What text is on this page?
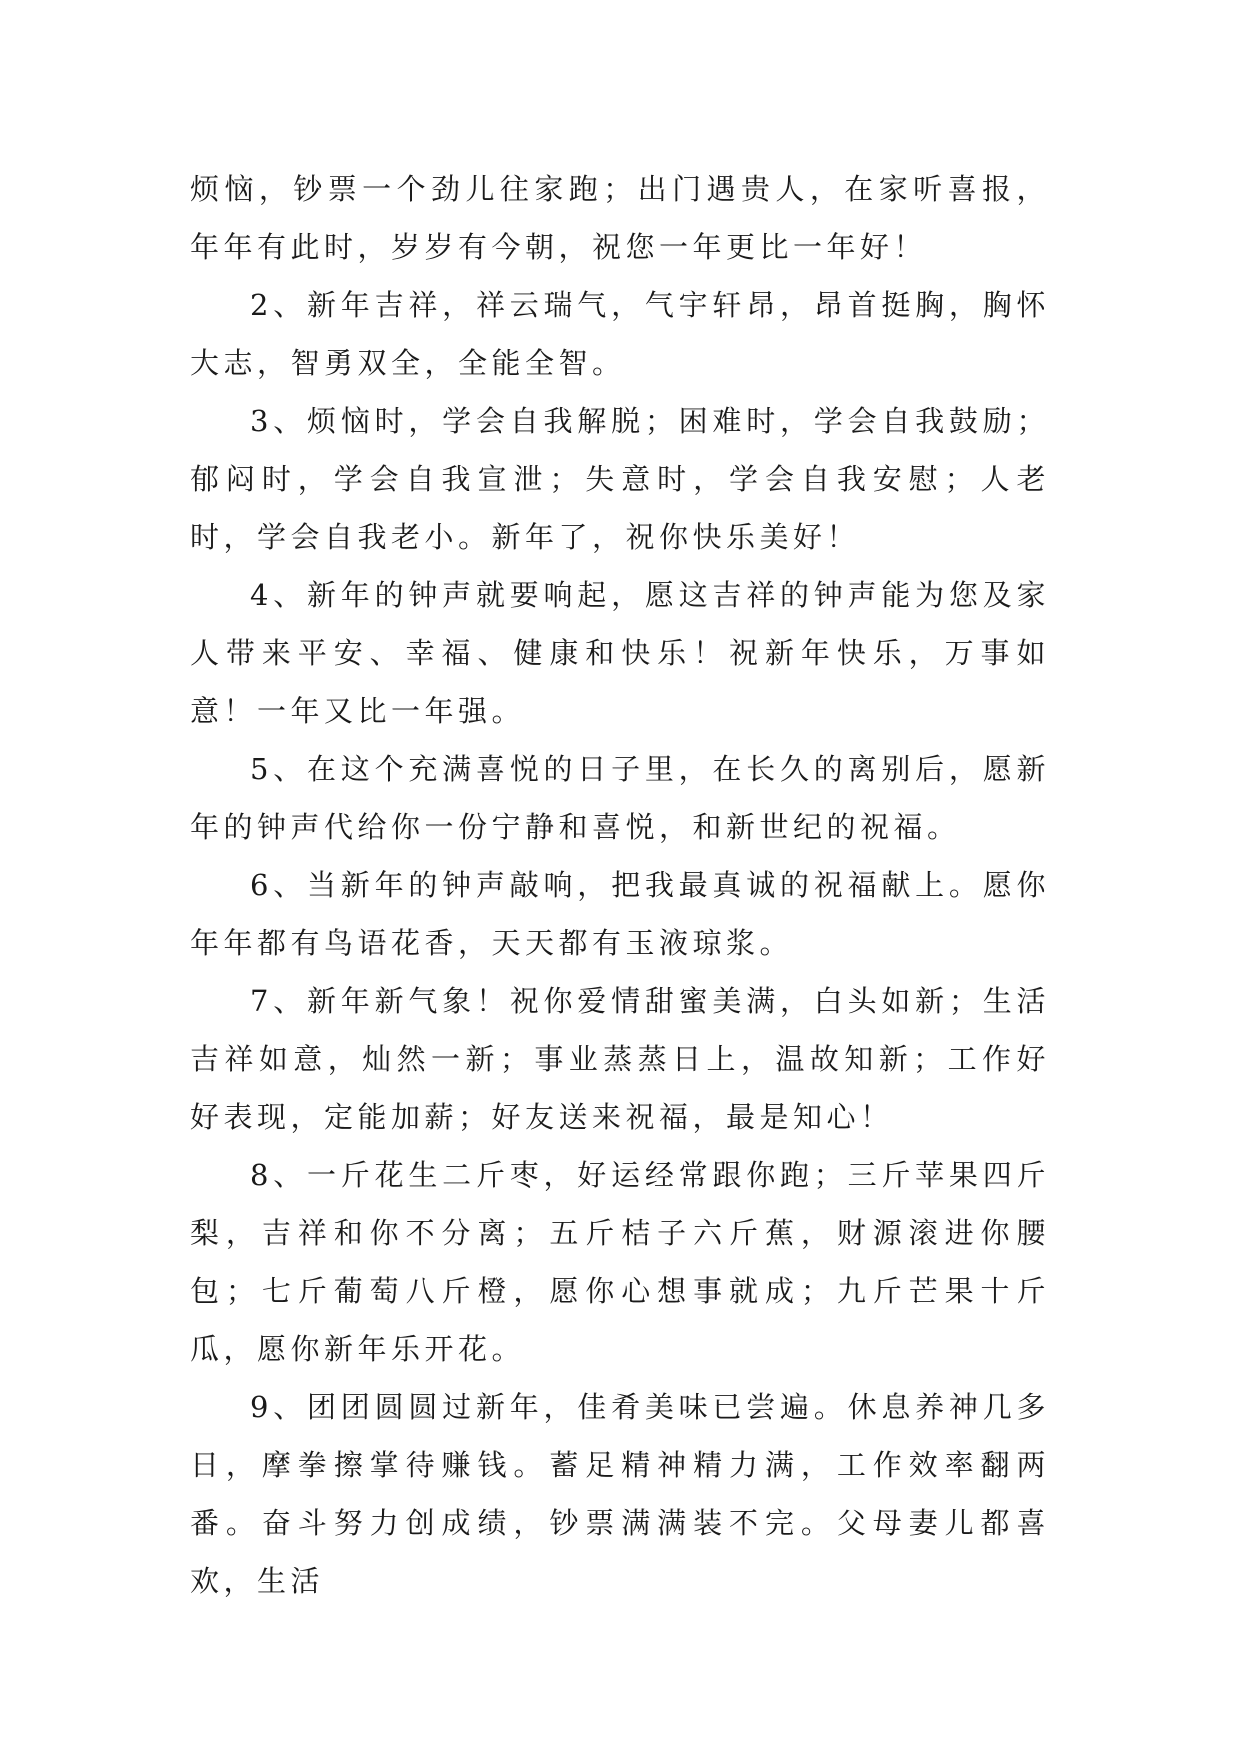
烦恼，钞票一个劲儿往家跑；出门遇贵人，在家听喜报，年年有此时，岁岁有今朝，祝您一年更比一年好！

2、新年吉祥，祥云瑞气，气宇轩昂，昂首挺胸，胸怀大志，智勇双全，全能全智。

3、烦恼时，学会自我解脱；困难时，学会自我鼓励；郁闷时，学会自我宣泄；失意时，学会自我安慰；人老时，学会自我老小。新年了，祝你快乐美好！

4、新年的钟声就要响起，愿这吉祥的钟声能为您及家人带来平安、幸福、健康和快乐！祝新年快乐，万事如意！一年又比一年强。

5、在这个充满喜悦的日子里，在长久的离别后，愿新年的钟声代给你一份宁静和喜悦，和新世纪的祝福。

6、当新年的钟声敲响，把我最真诚的祝福献上。愿你年年都有鸟语花香，天天都有玉液琼浆。

7、新年新气象！祝你爱情甜蜜美满，白头如新；生活吉祥如意，灿然一新；事业蒸蒸日上，温故知新；工作好好表现，定能加薪；好友送来祝福，最是知心！

8、一斤花生二斤枣，好运经常跟你跑；三斤苹果四斤梨，吉祥和你不分离；五斤桔子六斤蕉，财源滚进你腰包；七斤葡萄八斤橙，愿你心想事就成；九斤芒果十斤瓜，愿你新年乐开花。

9、团团圆圆过新年，佳肴美味已尝遍。休息养神几多日，摩拳擦掌待赚钱。蓄足精神精力满，工作效率翻两番。奋斗努力创成绩，钞票满满装不完。父母妻儿都喜欢，生活
